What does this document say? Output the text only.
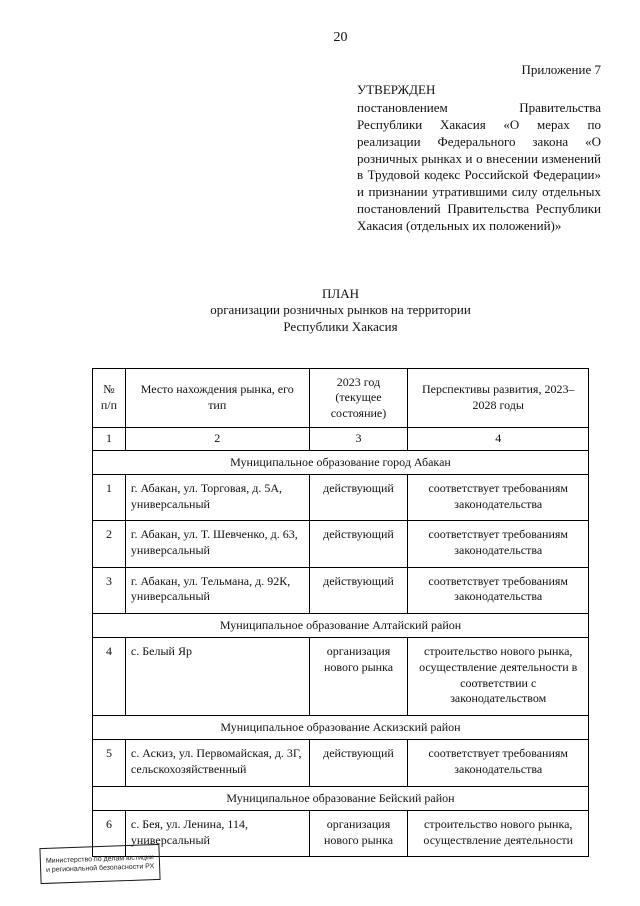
20
Приложение 7
УТВЕРЖДЕН
постановлением Правительства Республики Хакасия «О мерах по реализации Федерального закона «О розничных рынках и о внесении изменений в Трудовой кодекс Российской Федерации» и признании утратившими силу отдельных постановлений Правительства Республики Хакасия (отдельных их положений)»
ПЛАН
организации розничных рынков на территории
Республики Хакасия
№ п/п	Место нахождения рынка, его тип	2023 год (текущее состояние)	Перспективы развития, 2023–2028 годы
1	2	3	4
Муниципальное образование город Абакан			
1	г. Абакан, ул. Торговая, д. 5А, универсальный	действующий	соответствует требованиям законодательства
2	г. Абакан, ул. Т. Шевченко, д. 63, универсальный	действующий	соответствует требованиям законодательства
3	г. Абакан, ул. Тельмана, д. 92К, универсальный	действующий	соответствует требованиям законодательства
Муниципальное образование Алтайский район			
4	с. Белый Яр	организация нового рынка	строительство нового рынка, осуществление деятельности в соответствии с законодательством
Муниципальное образование Аскизский район			
5	с. Аскиз, ул. Первомайская, д. 3Г, сельскохозяйственный	действующий	соответствует требованиям законодательства
Муниципальное образование Бейский район			
6	с. Бея, ул. Ленина, 114, универсальный	организация нового рынка	строительство нового рынка, осуществление деятельности
Министерство по делам юстиции и региональной безопасности РХ
